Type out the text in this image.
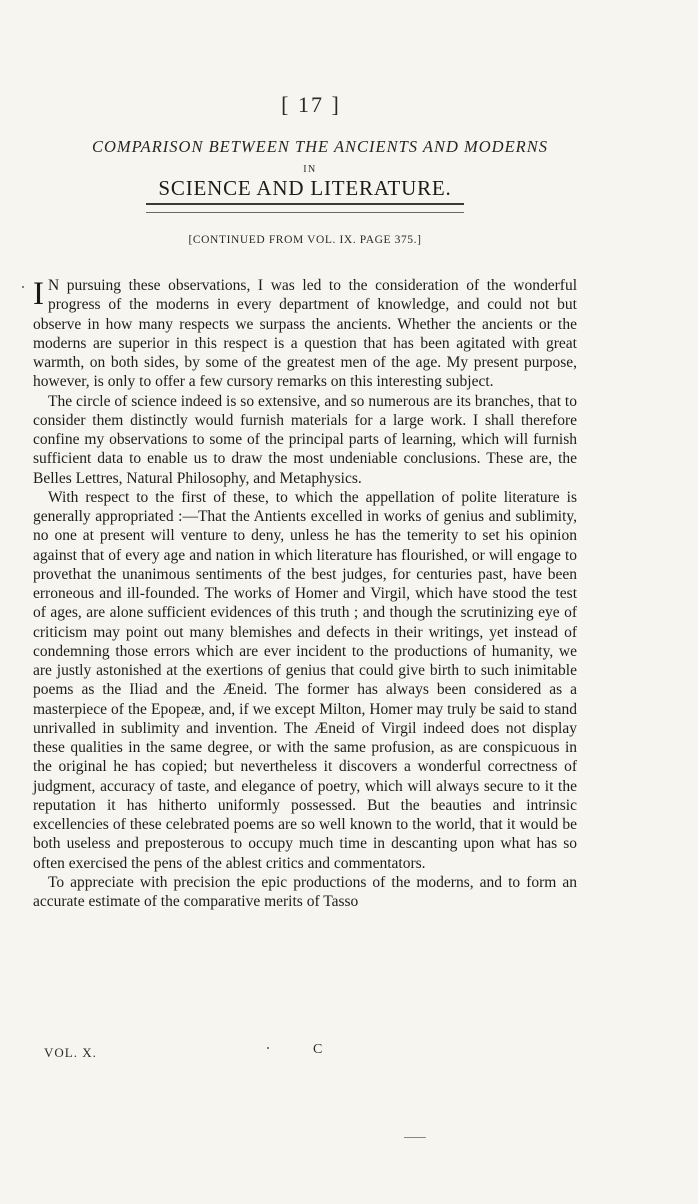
[ 17 ]
COMPARISON BETWEEN THE ANCIENTS AND MODERNS
IN
SCIENCE AND LITERATURE.
[CONTINUED FROM VOL. IX. PAGE 375.]

I N pursuing these observations, I was led to the consideration of the wonderful progress of the moderns in every department of knowledge, and could not but observe in how many respects we surpass the ancients. Whether the ancients or the moderns are superior in this respect is a question that has been agitated with great warmth, on both sides, by some of the greatest men of the age. My present purpose, however, is only to offer a few cursory remarks on this interesting subject.

The circle of science indeed is so extensive, and so numerous are its branches, that to consider them distinctly would furnish materials for a large work. I shall therefore confine my observations to some of the principal parts of learning, which will furnish sufficient data to enable us to draw the most undeniable conclusions. These are, the Belles Lettres, Natural Philosophy, and Metaphysics.

With respect to the first of these, to which the appellation of polite literature is generally appropriated :—That the Antients excelled in works of genius and sublimity, no one at present will venture to deny, unless he has the temerity to set his opinion against that of every age and nation in which literature has flourished, or will engage to provethat the unanimous sentiments of the best judges, for centuries past, have been erroneous and ill-founded. The works of Homer and Virgil, which have stood the test of ages, are alone sufficient evidences of this truth ; and though the scrutinizing eye of criticism may point out many blemishes and defects in their writings, yet instead of condemning those errors which are ever incident to the productions of humanity, we are justly astonished at the exertions of genius that could give birth to such inimitable poems as the Iliad and the Æneid. The former has always been considered as a masterpiece of the Epopeæ, and, if we except Milton, Homer may truly be said to stand unrivalled in sublimity and invention. The Æneid of Virgil indeed does not display these qualities in the same degree, or with the same profusion, as are conspicuous in the original he has copied; but nevertheless it discovers a wonderful correctness of judgment, accuracy of taste, and elegance of poetry, which will always secure to it the reputation it has hitherto uniformly possessed. But the beauties and intrinsic excellencies of these celebrated poems are so well known to the world, that it would be both useless and preposterous to occupy much time in descanting upon what has so often exercised the pens of the ablest critics and commentators.

To appreciate with precision the epic productions of the moderns, and to form an accurate estimate of the comparative merits of Tasso

VOL. X.	C
